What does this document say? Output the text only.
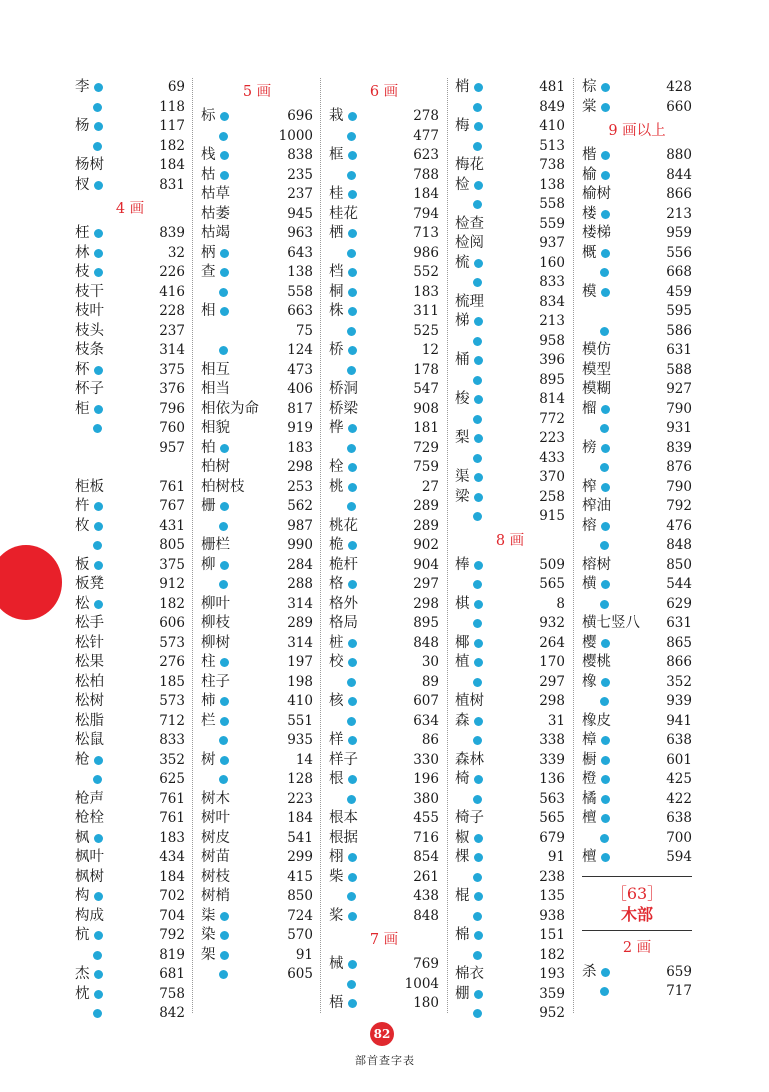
李	69
118
杨	117
182
杨树	184
杈	831
4 画
枉	839
林	32
枝	226
枝干	416
枝叶	228
枝头	237
枝条	314
杯	375
杯子	376
柜	796
760
957
柜板	761
杵	767
枚	431
805
板	375
板凳	912
松	182
松手	606
松针	573
松果	276
松柏	185
松树	573
松脂	712
松鼠	833
枪	352
625
枪声	761
枪栓	761
枫	183
枫叶	434
枫树	184
构	702
构成	704
杭	792
819
杰	681
枕	758
842
5 画
标	696
1000
栈	838
枯	235
枯草	237
枯萎	945
枯竭	963
柄	643
查	138
558
相	663
75
124
相互	473
相当	406
相依为命 817
相貌	919
柏	183
柏树	298
柏树枝	253
栅	562
987
栅栏	990
柳	284
288
柳叶	314
柳枝	289
柳树	314
柱	197
柱子	198
柿	410
栏	551
935
树	14
128
树木	223
树叶	184
树皮	541
树苗	299
树枝	415
树梢	850
柒	724
染	570
架	91
605
6 画
栽	278
477
框	623
788
桂	184
桂花	794
栖	713
986
档	552
桐	183
株	311
525
桥	12
178
桥洞	547
桥梁	908
桦	181
729
栓	759
桃	27
289
桃花	289
桅	902
桅杆	904
格	297
格外	298
格局	895
桩	848
校	30
89
核	607
634
样	86
样子	330
根	196
380
根本	455
根据	716
栩	854
柴	261
438
桨	848
7 画
械	769
1004
梧	180
梢	481
849
梅	410
513
梅花	738
检	138
558
检查	559
检阅	937
梳	160
833
梳理	834
梯	213
958
桶	396
895
梭	814
772
梨	223
433
渠	370
梁	258
915
8 画
棒	509
565
棋	8
932
椰	264
植	170
297
植树	298
森	31
338
森林	339
椅	136
563
椅子	565
椒	679
棵	91
238
棍	135
938
棉	151
182
棉衣	193
棚	359
952
棕	428
棠	660
9 画以上
楷	880
榆	844
榆树	866
楼	213
楼梯	959
概	556
668
模	459
595
586
模仿	631
模型	588
模糊	927
榴	790
931
榜	839
876
榨	790
榨油	792
榕	476
848
榕树	850
横	544
629
横七竖八 631
樱	865
樱桃	866
橡	352
939
橡皮	941
樟	638
橱	601
橙	425
橘	422
檀	638
700
檀	594
［63］
木部
2 画
杀	659
717
82
部首查字表
